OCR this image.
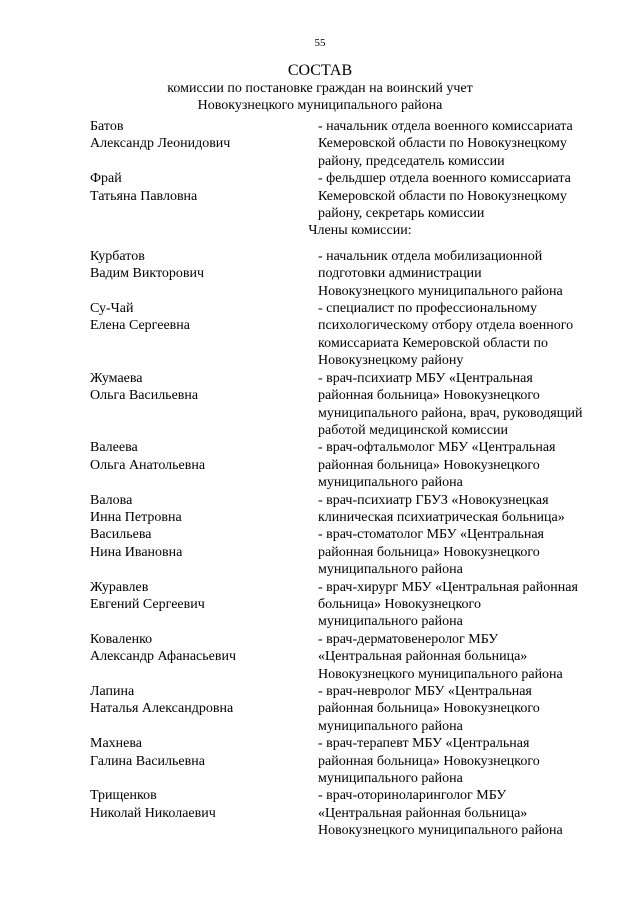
55
СОСТАВ
комиссии по постановке граждан на воинский учет
Новокузнецкого муниципального района
Батов
Александр Леонидович
- начальник отдела военного комиссариата
Кемеровской области по Новокузнецкому
району, председатель комиссии
Фрай
Татьяна Павловна
- фельдшер отдела военного комиссариата
Кемеровской области по Новокузнецкому
району, секретарь комиссии
Члены комиссии:
Курбатов
Вадим Викторович
- начальник отдела мобилизационной
подготовки администрации
Новокузнецкого муниципального района
Су-Чай
Елена Сергеевна
- специалист по профессиональному
психологическому отбору отдела военного
комиссариата Кемеровской области по
Новокузнецкому району
Жумаева
Ольга Васильевна
- врач-психиатр МБУ «Центральная
районная больница» Новокузнецкого
муниципального района, врач, руководящий
работой медицинской комиссии
Валеева
Ольга Анатольевна
- врач-офтальмолог МБУ «Центральная
районная больница» Новокузнецкого
муниципального района
Валова
Инна Петровна
- врач-психиатр ГБУЗ «Новокузнецкая
клиническая психиатрическая больница»
Васильева
Нина Ивановна
- врач-стоматолог МБУ «Центральная
районная больница» Новокузнецкого
муниципального района
Журавлев
Евгений Сергеевич
- врач-хирург МБУ «Центральная районная
больница» Новокузнецкого
муниципального района
Коваленко
Александр Афанасьевич
- врач-дерматовенеролог МБУ
«Центральная районная больница»
Новокузнецкого муниципального района
Лапина
Наталья Александровна
- врач-невролог МБУ «Центральная
районная больница» Новокузнецкого
муниципального района
Махнева
Галина Васильевна
- врач-терапевт МБУ «Центральная
районная больница» Новокузнецкого
муниципального района
Трищенков
Николай Николаевич
- врач-оториноларинголог МБУ
«Центральная районная больница»
Новокузнецкого муниципального района
